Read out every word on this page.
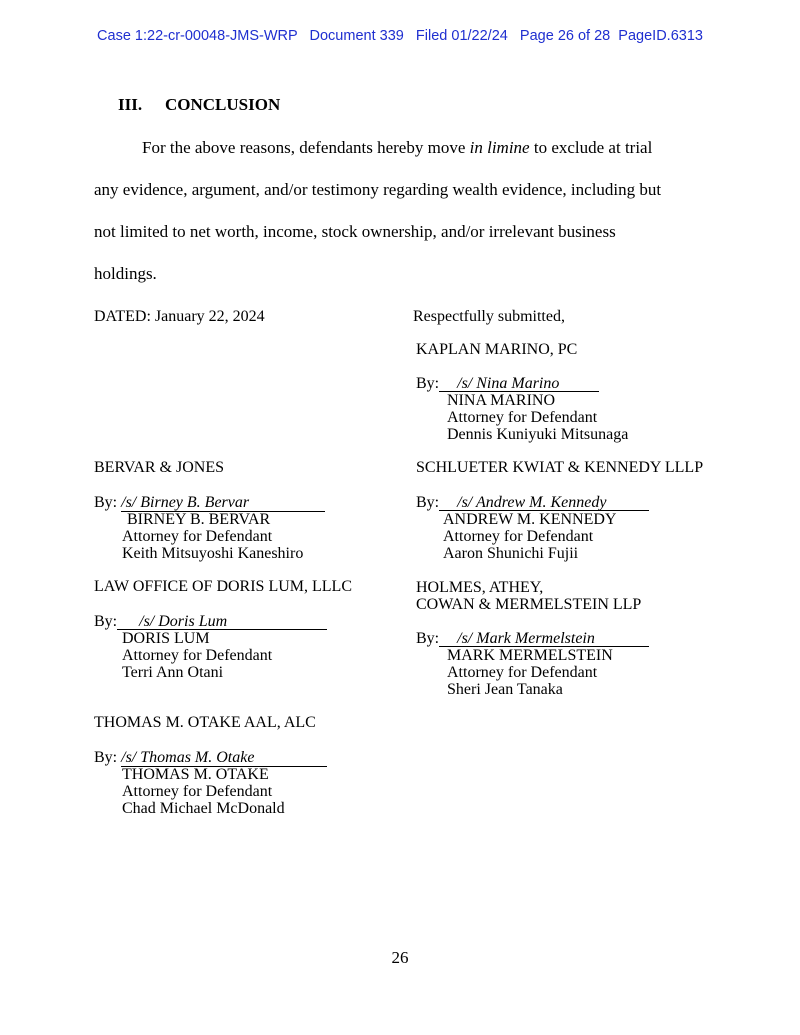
Case 1:22-cr-00048-JMS-WRP Document 339 Filed 01/22/24 Page 26 of 28 PageID.6313
III. CONCLUSION
For the above reasons, defendants hereby move in limine to exclude at trial
any evidence, argument, and/or testimony regarding wealth evidence, including but
not limited to net worth, income, stock ownership, and/or irrelevant business
holdings.
DATED: January 22, 2024	Respectfully submitted,
KAPLAN MARINO, PC
By: /s/ Nina Marino
NINA MARINO
Attorney for Defendant
Dennis Kuniyuki Mitsunaga
BERVAR & JONES
By: /s/ Birney B. Bervar
BIRNEY B. BERVAR
Attorney for Defendant
Keith Mitsuyoshi Kaneshiro
SCHLUETER KWIAT & KENNEDY LLLP
By: /s/ Andrew M. Kennedy
ANDREW M. KENNEDY
Attorney for Defendant
Aaron Shunichi Fujii
LAW OFFICE OF DORIS LUM, LLLC
By: /s/ Doris Lum
DORIS LUM
Attorney for Defendant
Terri Ann Otani
HOLMES, ATHEY,
COWAN & MERMELSTEIN LLP
By: /s/ Mark Mermelstein
MARK MERMELSTEIN
Attorney for Defendant
Sheri Jean Tanaka
THOMAS M. OTAKE AAL, ALC
By: /s/ Thomas M. Otake
THOMAS M. OTAKE
Attorney for Defendant
Chad Michael McDonald
26
